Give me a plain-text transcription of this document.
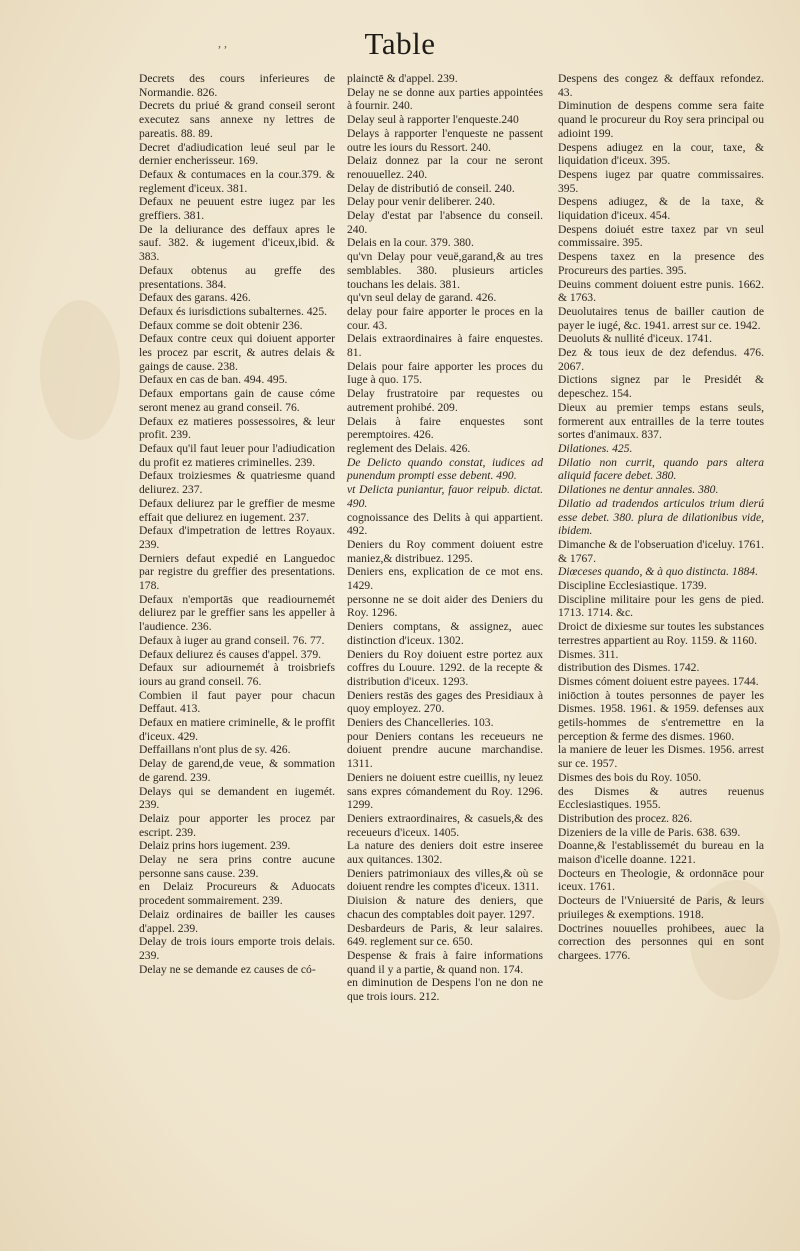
, ,	Table

Decrets des cours inferieures de Normandie. 826.

Decrets du priué & grand conseil seront executez sans annexe ny lettres de pareatis. 88. 89.

Decret d'adiudication leué seul par le dernier encherisseur. 169.

Defaux & contumaces en la cour.379. & reglement d'iceux. 381.

Defaux ne peuuent estre iugez par les greffiers. 381.

De la deliurance des deffaux apres le sauf. 382. & iugement d'iceux,ibid. & 383.

Defaux obtenus au greffe des presentations. 384.

Defaux des garans. 426.

Defaux és iurisdictions subalternes. 425.

Defaux comme se doit obtenir 236.

Defaux contre ceux qui doiuent apporter les procez par escrit, & autres delais & gaings de cause. 238.

Defaux en cas de ban. 494. 495.

Defaux emportans gain de cause cóme seront menez au grand conseil. 76.

Defaux ez matieres possessoires, & leur profit. 239.

Defaux qu'il faut leuer pour l'adiudication du profit ez matieres criminelles. 239.

Defaux troiziesmes & quatriesme quand deliurez. 237.

Defaux deliurez par le greffier de mesme effait que deliurez en iugement. 237.

Defaux d'impetration de lettres Royaux. 239.

Derniers defaut expedié en Languedoc par registre du greffier des presentations. 178.

Defaux n'emportās que readiournemét deliurez par le greffier sans les appeller à l'audience. 236.

Defaux à iuger au grand conseil. 76. 77.

Defaux deliurez és causes d'appel. 379.

Defaux sur adiournemét à troisbriefs iours au grand conseil. 76.

Combien il faut payer pour chacun Deffaut. 413.

Defaux en matiere criminelle, & le proffit d'iceux. 429.

Deffaillans n'ont plus de sy. 426.

Delay de garend,de veue, & sommation de garend. 239.

Delays qui se demandent en iugemét. 239.

Delaiz pour apporter les procez par escript. 239.

Delaiz prins hors iugement. 239.

Delay ne sera prins contre aucune personne sans cause. 239.

en Delaiz Procureurs & Aduocats procedent sommairement. 239.

Delaiz ordinaires de bailler les causes d'appel. 239.

Delay de trois iours emporte trois delais. 239.

Delay ne se demande ez causes de có-

plainctē & d'appel. 239.

Delay ne se donne aux parties appointées à fournir. 240.

Delay seul à rapporter l'enqueste.240

Delays à rapporter l'enqueste ne passent outre les iours du Ressort. 240.

Delaiz donnez par la cour ne seront renouuellez. 240.

Delay de distributió de conseil. 240.

Delay pour venir deliberer. 240.

Delay d'estat par l'absence du conseil. 240.

Delais en la cour. 379. 380.

qu'vn Delay pour veuë,garand,& au tres semblables. 380. plusieurs articles touchans les delais. 381.

qu'vn seul delay de garand. 426.

delay pour faire apporter le proces en la cour. 43.

Delais extraordinaires à faire enquestes. 81.

Delais pour faire apporter les proces du Iuge à quo. 175.

Delay frustratoire par requestes ou autrement prohibé. 209.

Delais à faire enquestes sont peremptoires. 426.

reglement des Delais. 426.

De Delicto quando constat, iudices ad punendum prompti esse debent. 490.

vt Delicta puniantur, fauor reipub. dictat. 490.

cognoissance des Delits à qui appartient. 492.

Deniers du Roy comment doiuent estre maniez,& distribuez. 1295.

Deniers ens, explication de ce mot ens. 1429.

personne ne se doit aider des Deniers du Roy. 1296.

Deniers comptans, & assignez, auec distinction d'iceux. 1302.

Deniers du Roy doiuent estre portez aux coffres du Louure. 1292. de la recepte & distribution d'iceux. 1293.

Deniers restās des gages des Presidiaux à quoy employez. 270.

Deniers des Chancelleries. 103.

pour Deniers contans les receueurs ne doiuent prendre aucune marchandise. 1311.

Deniers ne doiuent estre cueillis, ny leuez sans expres cómandement du Roy. 1296. 1299.

Deniers extraordinaires, & casuels,& des receueurs d'iceux. 1405.

La nature des deniers doit estre inseree aux quitances. 1302.

Deniers patrimoniaux des villes,& où se doiuent rendre les comptes d'iceux. 1311.

Diuision & nature des deniers, que chacun des comptables doit payer. 1297.

Desbardeurs de Paris, & leur salaires. 649. reglement sur ce. 650.

Despense & frais à faire informations quand il y a partie, & quand non. 174.

en diminution de Despens l'on ne don ne que trois iours. 212.

Despens des congez & deffaux refondez. 43.

Diminution de despens comme sera faite quand le procureur du Roy sera principal ou adioint 199.

Despens adiugez en la cour, taxe, & liquidation d'iceux. 395.

Despens iugez par quatre commissaires. 395.

Despens adiugez, & de la taxe, & liquidation d'iceux. 454.

Despens doiuét estre taxez par vn seul commissaire. 395.

Despens taxez en la presence des Procureurs des parties. 395.

Deuins comment doiuent estre punis. 1662. & 1763.

Deuolutaires tenus de bailler caution de payer le iugé, &c. 1941. arrest sur ce. 1942.

Deuoluts & nullité d'iceux. 1741.

Dez & tous ieux de dez defendus. 476. 2067.

Dictions signez par le Presidét & depeschez. 154.

Dieux au premier temps estans seuls, formerent aux entrailles de la terre toutes sortes d'animaux. 837.

Dilationes. 425.

Dilatio non currit, quando pars altera aliquid facere debet. 380.

Dilationes ne dentur annales. 380.

Dilatio ad tradendos articulos trium dierú esse debet. 380. plura de dilationibus vide, ibidem.

Dimanche & de l'obseruation d'iceluy. 1761. & 1767.

Diœceses quando, & à quo distincta. 1884.

Discipline Ecclesiastique. 1739.

Discipline militaire pour les gens de pied. 1713. 1714. &c.

Droict de dixiesme sur toutes les substances terrestres appartient au Roy. 1159. & 1160.

Dismes. 311.

distribution des Dismes. 1742.

Dismes cóment doiuent estre payees. 1744.

iniōction à toutes personnes de payer les Dismes. 1958. 1961. & 1959. defenses aux getils-hommes de s'entremettre en la perception & ferme des dismes. 1960.

la maniere de leuer les Dismes. 1956. arrest sur ce. 1957.

Dismes des bois du Roy. 1050.

des Dismes & autres reuenus Ecclesiastiques. 1955.

Distribution des procez. 826.

Dizeniers de la ville de Paris. 638. 639.

Doanne,& l'establissemét du bureau en la maison d'icelle doanne. 1221.

Docteurs en Theologie, & ordonnāce pour iceux. 1761.

Docteurs de l'Vniuersité de Paris, & leurs priuileges & exemptions. 1918.

Doctrines nouuelles prohibees, auec la correction des personnes qui en sont chargees. 1776.
